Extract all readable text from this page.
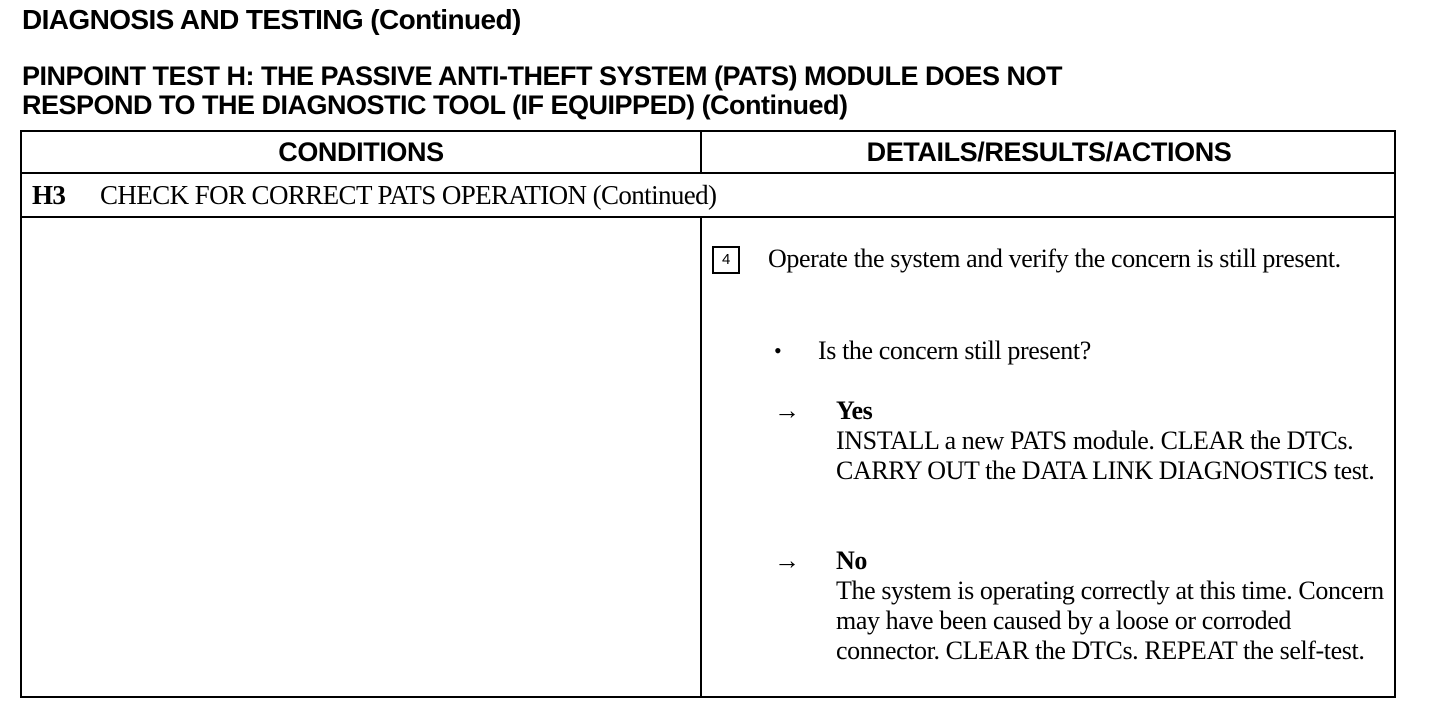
DIAGNOSIS AND TESTING (Continued)
PINPOINT TEST H: THE PASSIVE ANTI-THEFT SYSTEM (PATS) MODULE DOES NOT
RESPOND TO THE DIAGNOSTIC TOOL (IF EQUIPPED) (Continued)
CONDITIONS	DETAILS/RESULTS/ACTIONS
H3 CHECK FOR CORRECT PATS OPERATION (Continued)
4	Operate the system and verify the concern is still present.
• Is the concern still present?
→ Yes
INSTALL a new PATS module. CLEAR the DTCs. CARRY OUT the DATA LINK DIAGNOSTICS test.
→ No
The system is operating correctly at this time. Concern may have been caused by a loose or corroded connector. CLEAR the DTCs. REPEAT the self-test.
